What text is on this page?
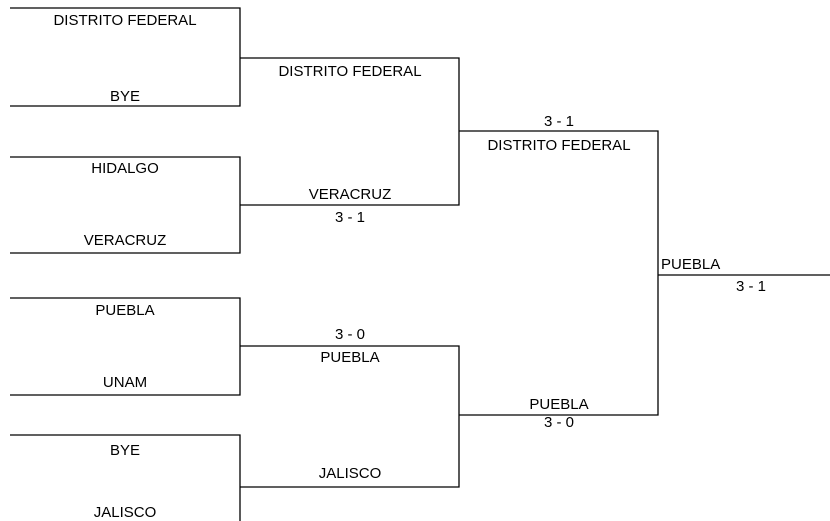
DISTRITO FEDERAL
BYE
HIDALGO
VERACRUZ
PUEBLA
UNAM
BYE
JALISCO
DISTRITO FEDERAL
VERACRUZ
3 - 1
3 - 0
PUEBLA
JALISCO
3 - 1
DISTRITO FEDERAL
PUEBLA
3 - 0
PUEBLA
3 - 1
